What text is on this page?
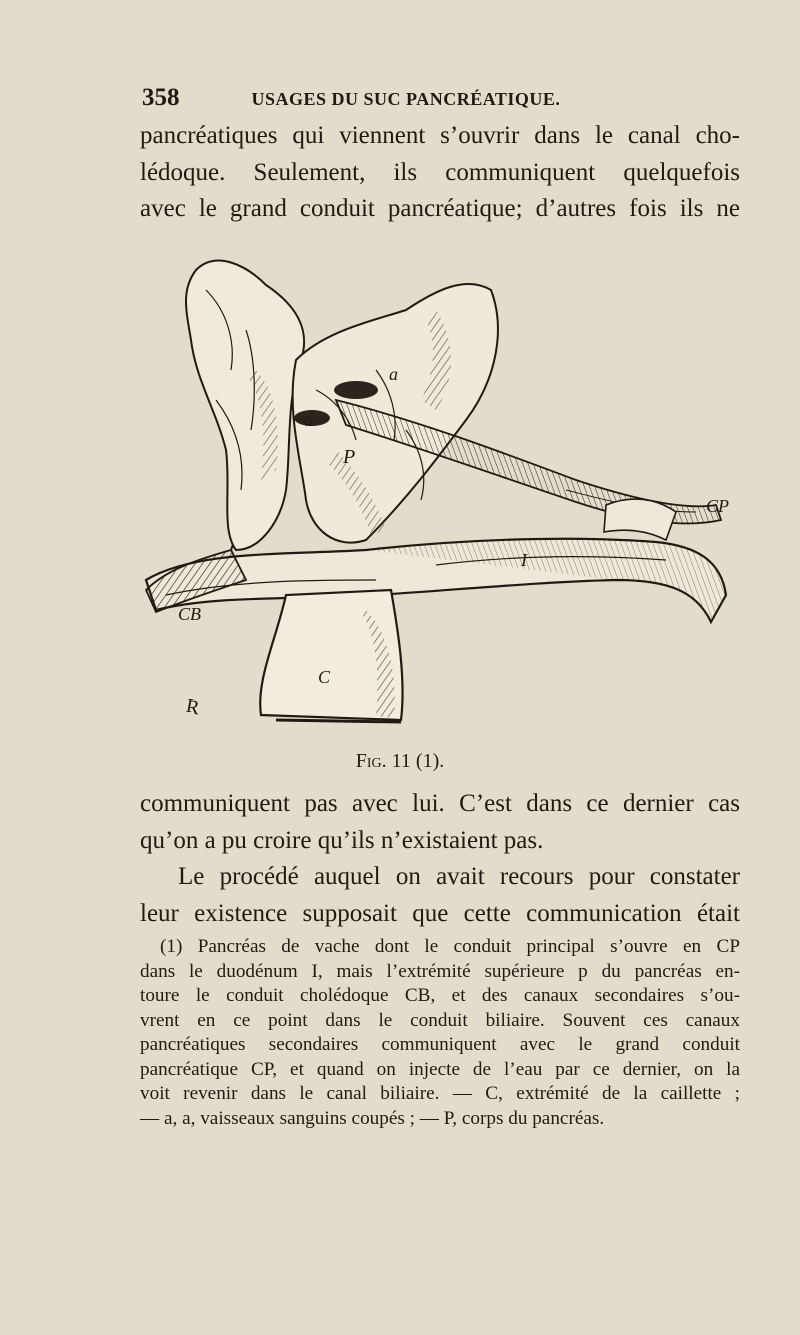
358	USAGES DU SUC PANCRÉATIQUE.
pancréatiques qui viennent s’ouvrir dans le canal cho-
lédoque. Seulement, ils communiquent quelquefois
avec le grand conduit pancréatique; d’autres fois ils ne
P
a
a
CP
I
CB
C
Ʀ
Fig. 11 (1).
communiquent pas avec lui. C’est dans ce dernier cas
qu’on a pu croire qu’ils n’existaient pas.
Le procédé auquel on avait recours pour constater
leur existence supposait que cette communication était
(1) Pancréas de vache dont le conduit principal s’ouvre en CP
dans le duodénum I, mais l’extrémité supérieure p du pancréas en-
toure le conduit cholédoque CB, et des canaux secondaires s’ou-
vrent en ce point dans le conduit biliaire. Souvent ces canaux
pancréatiques secondaires communiquent avec le grand conduit
pancréatique CP, et quand on injecte de l’eau par ce dernier, on la
voit revenir dans le canal biliaire. — C, extrémité de la caillette ;
— a, a, vaisseaux sanguins coupés ; — P, corps du pancréas.
